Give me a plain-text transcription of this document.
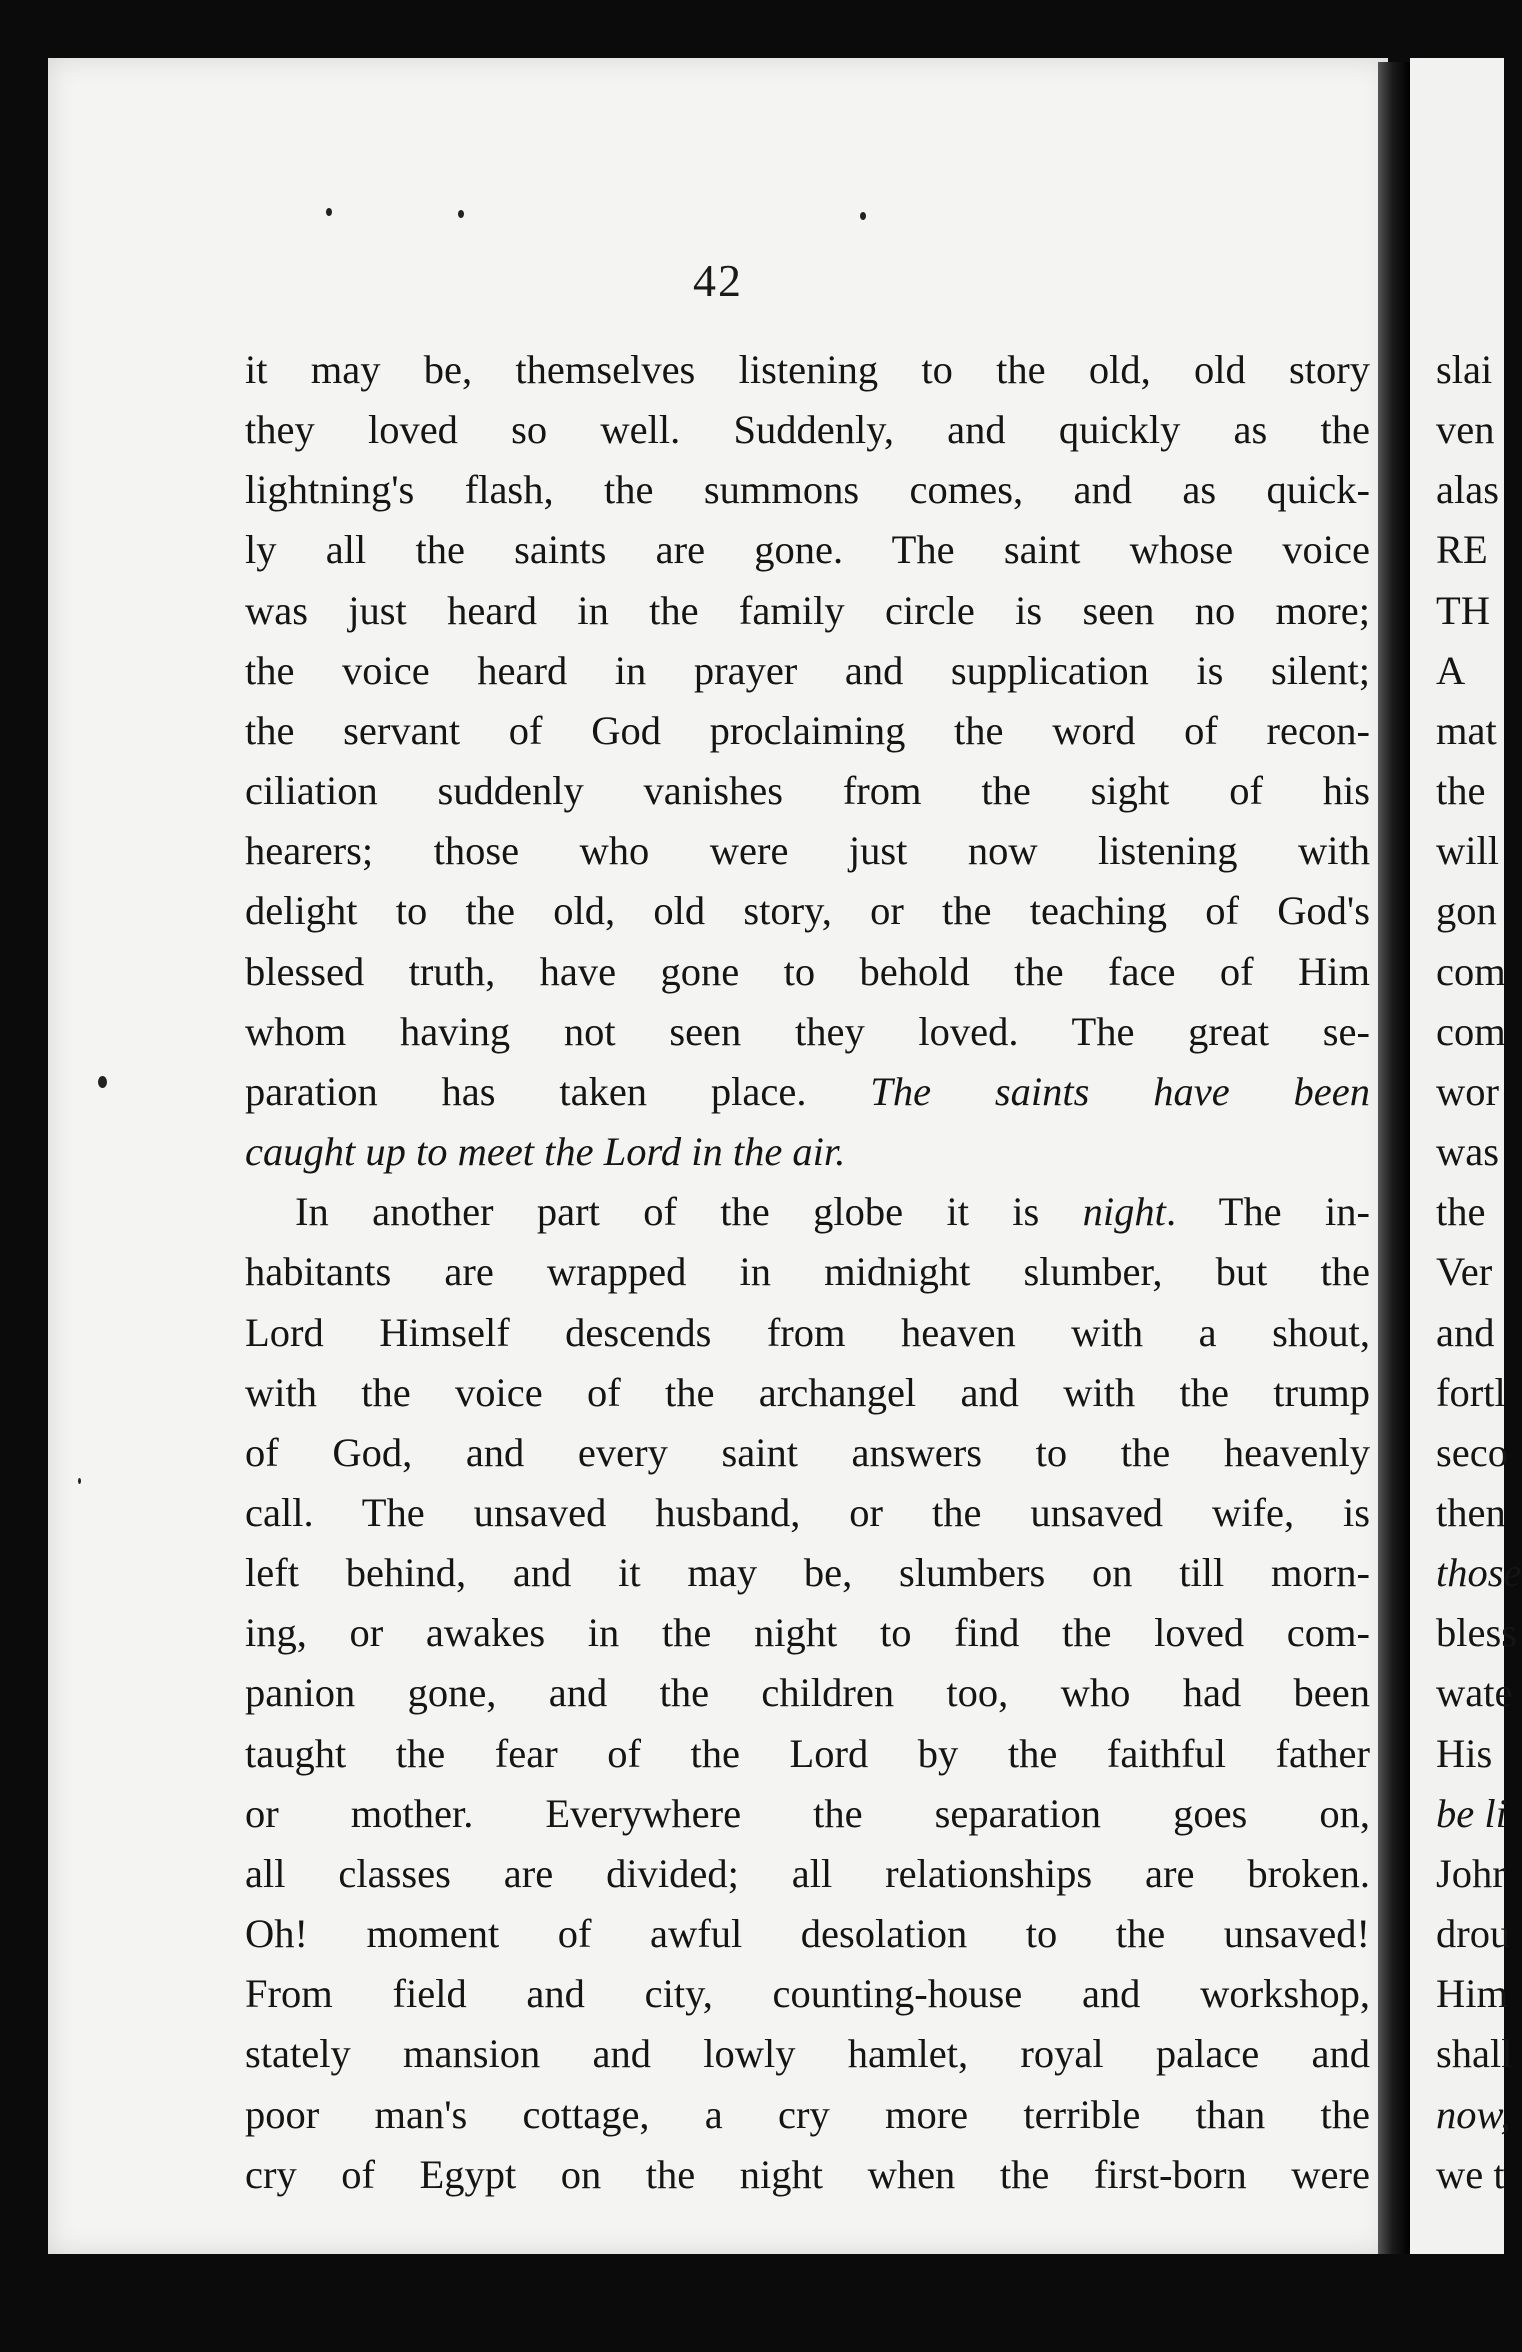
42
it may be, themselves listening to the old, old story
they loved so well. Suddenly, and quickly as the
lightning's flash, the summons comes, and as quick-
ly all the saints are gone. The saint whose voice
was just heard in the family circle is seen no more;
the voice heard in prayer and supplication is silent;
the servant of God proclaiming the word of recon-
ciliation suddenly vanishes from the sight of his
hearers; those who were just now listening with
delight to the old, old story, or the teaching of God's
blessed truth, have gone to behold the face of Him
whom having not seen they loved. The great se-
paration has taken place. The saints have been
caught up to meet the Lord in the air.
In another part of the globe it is night. The in-
habitants are wrapped in midnight slumber, but the
Lord Himself descends from heaven with a shout,
with the voice of the archangel and with the trump
of God, and every saint answers to the heavenly
call. The unsaved husband, or the unsaved wife, is
left behind, and it may be, slumbers on till morn-
ing, or awakes in the night to find the loved com-
panion gone, and the children too, who had been
taught the fear of the Lord by the faithful father
or mother. Everywhere the separation goes on,
all classes are divided; all relationships are broken.
Oh! moment of awful desolation to the unsaved!
From field and city, counting-house and workshop,
stately mansion and lowly hamlet, royal palace and
poor man's cottage, a cry more terrible than the
cry of Egypt on the night when the first-born were
slai
ven
alas
RE
TH
A
mat
the
will
gon
com
com
wor
was
the
Ver
and
fortl
seco
then
those
bless
wate
His
be li
Johr
drou
Him
shall
now,
we t
